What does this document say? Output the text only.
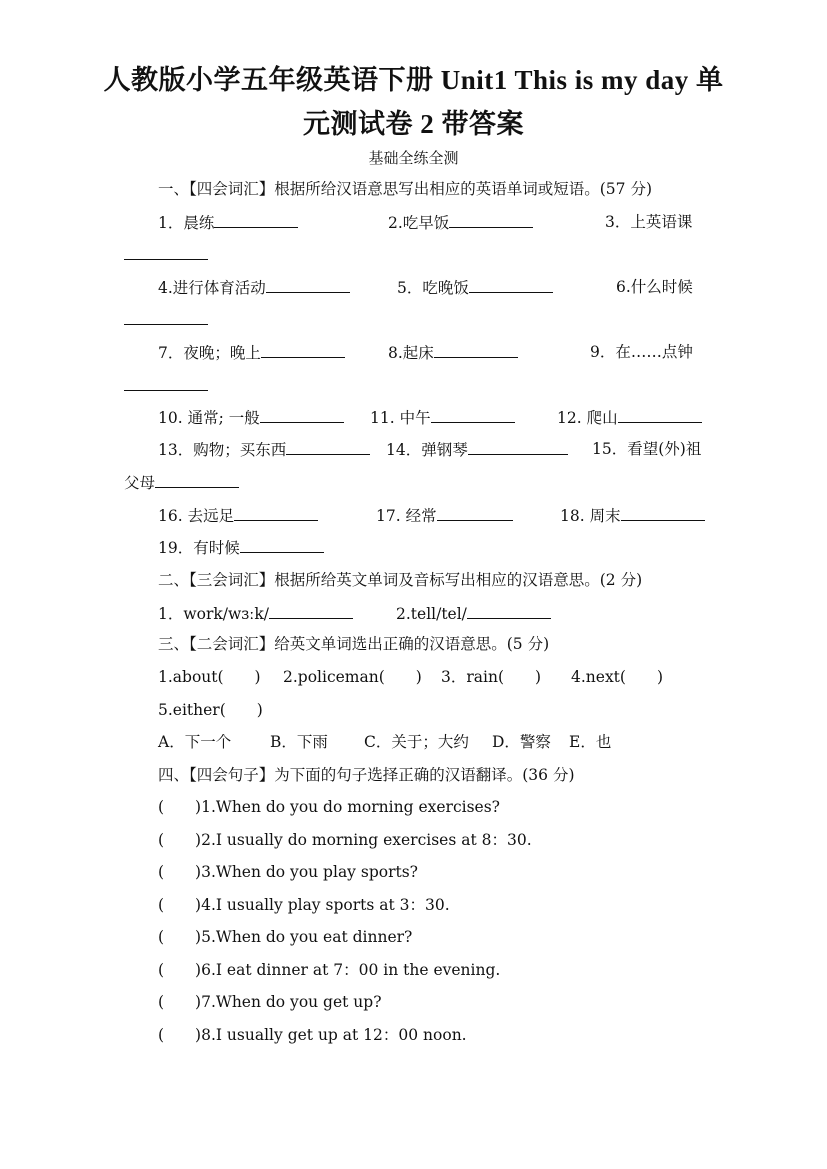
人教版小学五年级英语下册 Unit1 This is my day 单
元测试卷 2 带答案
基础全练全测
一、【四会词汇】根据所给汉语意思写出相应的英语单词或短语。(57 分)
1．晨练	2.吃早饭	3．上英语课
4.进行体育活动	5．吃晚饭	6.什么时候
7．夜晚；晚上	8.起床	9．在……点钟
10. 通常; 一般	11. 中午	12. 爬山
13．购物；买东西	14．弹钢琴	15．看望(外)祖
父母
16. 去远足	17. 经常	18. 周末
19．有时候
二、【三会词汇】根据所给英文单词及音标写出相应的汉语意思。(2 分)
1．work/wɜːk/	2.tell/tel/
三、【二会词汇】给英文单词选出正确的汉语意思。(5 分)
1.about(　　) 2.policeman(　　) 3．rain(　　) 4.next(　　)
5.either(　　)
A．下一个	B．下雨 C．关于；大约 D．警察 E．也
四、【四会句子】为下面的句子选择正确的汉语翻译。(36 分)
(　　)1.When do you do morning exercises?
(　　)2.I usually do morning exercises at 8：30.
(　　)3.When do you play sports?
(　　)4.I usually play sports at 3：30.
(　　)5.When do you eat dinner?
(　　)6.I eat dinner at 7：00 in the evening.
(　　)7.When do you get up?
(　　)8.I usually get up at 12：00 noon.
